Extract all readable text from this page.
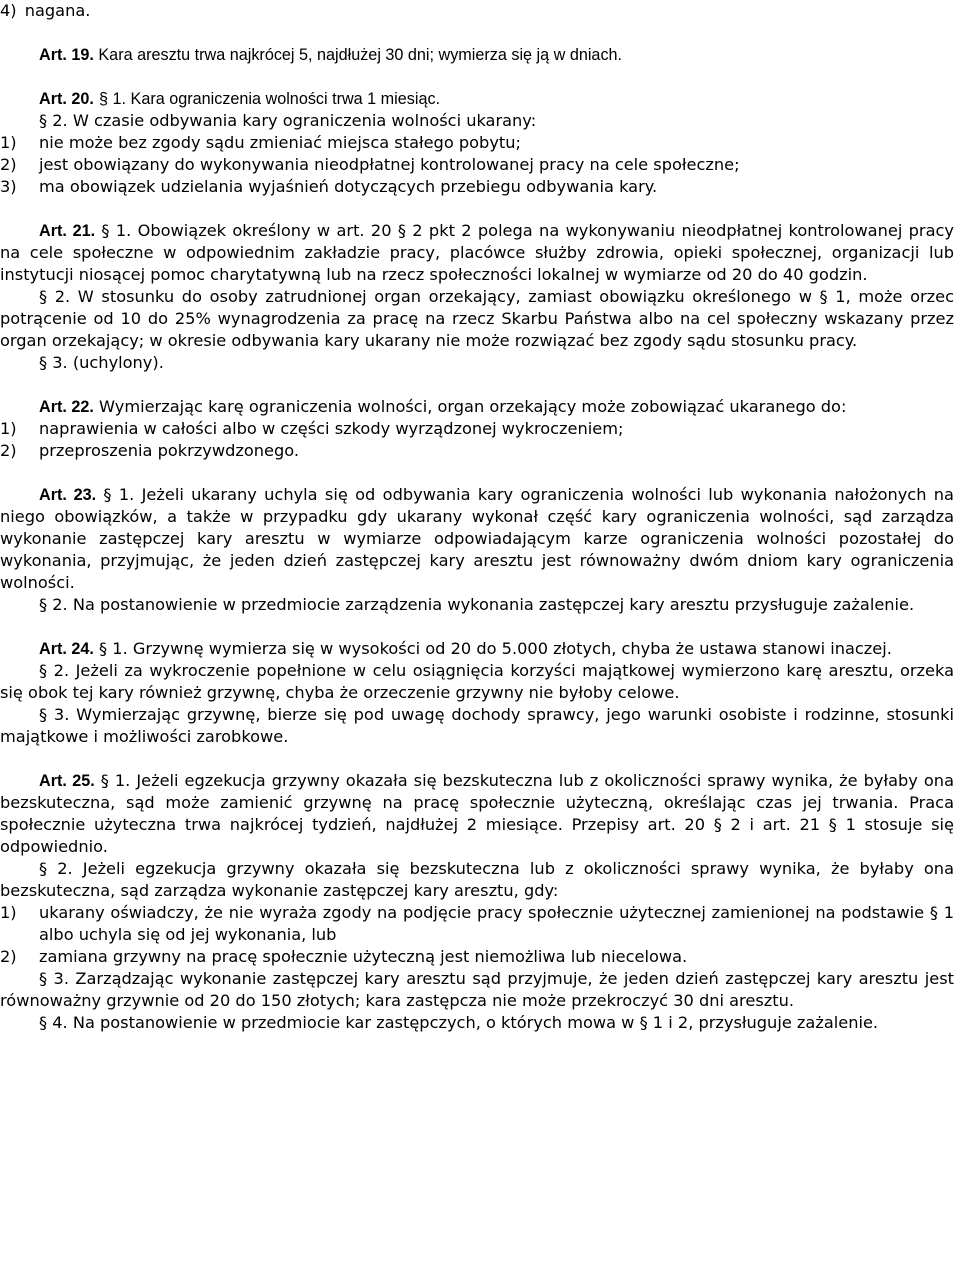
4) nagana.

Art. 19. Kara aresztu trwa najkrócej 5, najdłużej 30 dni; wymierza się ją w dniach.

Art. 20. § 1. Kara ograniczenia wolności trwa 1 miesiąc.

§ 2. W czasie odbywania kary ograniczenia wolności ukarany:

1)	nie może bez zgody sądu zmieniać miejsca stałego pobytu;
2)	jest obowiązany do wykonywania nieodpłatnej kontrolowanej pracy na cele społeczne;
3)	ma obowiązek udzielania wyjaśnień dotyczących przebiegu odbywania kary.

Art. 21. § 1. Obowiązek określony w art. 20 § 2 pkt 2 polega na wykonywaniu nieodpłatnej kontrolowanej pracy na cele społeczne w odpowiednim zakładzie pracy, placówce służby zdrowia, opieki społecznej, organizacji lub instytucji niosącej pomoc charytatywną lub na rzecz społeczności lokalnej w wymiarze od 20 do 40 godzin.

§ 2. W stosunku do osoby zatrudnionej organ orzekający, zamiast obowiązku określonego w § 1, może orzec potrącenie od 10 do 25% wynagrodzenia za pracę na rzecz Skarbu Państwa albo na cel społeczny wskazany przez organ orzekający; w okresie odbywania kary ukarany nie może rozwiązać bez zgody sądu stosunku pracy.

§ 3. (uchylony).

Art. 22. Wymierzając karę ograniczenia wolności, organ orzekający może zobowiązać ukaranego do:

1)	naprawienia w całości albo w części szkody wyrządzonej wykroczeniem;
2)	przeproszenia pokrzywdzonego.

Art. 23. § 1. Jeżeli ukarany uchyla się od odbywania kary ograniczenia wolności lub wykonania nałożonych na niego obowiązków, a także w przypadku gdy ukarany wykonał część kary ograniczenia wolności, sąd zarządza wykonanie zastępczej kary aresztu w wymiarze odpowiadającym karze ograniczenia wolności pozostałej do wykonania, przyjmując, że jeden dzień zastępczej kary aresztu jest równoważny dwóm dniom kary ograniczenia wolności.

§ 2. Na postanowienie w przedmiocie zarządzenia wykonania zastępczej kary aresztu przysługuje zażalenie.

Art. 24. § 1. Grzywnę wymierza się w wysokości od 20 do 5.000 złotych, chyba że ustawa stanowi inaczej.

§ 2. Jeżeli za wykroczenie popełnione w celu osiągnięcia korzyści majątkowej wymierzono karę aresztu, orzeka się obok tej kary również grzywnę, chyba że orzeczenie grzywny nie byłoby celowe.

§ 3. Wymierzając grzywnę, bierze się pod uwagę dochody sprawcy, jego warunki osobiste i rodzinne, stosunki majątkowe i możliwości zarobkowe.

Art. 25. § 1. Jeżeli egzekucja grzywny okazała się bezskuteczna lub z okoliczności sprawy wynika, że byłaby ona bezskuteczna, sąd może zamienić grzywnę na pracę społecznie użyteczną, określając czas jej trwania. Praca społecznie użyteczna trwa najkrócej tydzień, najdłużej 2 miesiące. Przepisy art. 20 § 2 i art. 21 § 1 stosuje się odpowiednio.

§ 2. Jeżeli egzekucja grzywny okazała się bezskuteczna lub z okoliczności sprawy wynika, że byłaby ona bezskuteczna, sąd zarządza wykonanie zastępczej kary aresztu, gdy:

1)	ukarany oświadczy, że nie wyraża zgody na podjęcie pracy społecznie użytecznej zamienionej na podstawie § 1 albo uchyla się od jej wykonania, lub
2)	zamiana grzywny na pracę społecznie użyteczną jest niemożliwa lub niecelowa.

§ 3. Zarządzając wykonanie zastępczej kary aresztu sąd przyjmuje, że jeden dzień zastępczej kary aresztu jest równoważny grzywnie od 20 do 150 złotych; kara zastępcza nie może przekroczyć 30 dni aresztu.

§ 4. Na postanowienie w przedmiocie kar zastępczych, o których mowa w § 1 i 2, przysługuje zażalenie.
